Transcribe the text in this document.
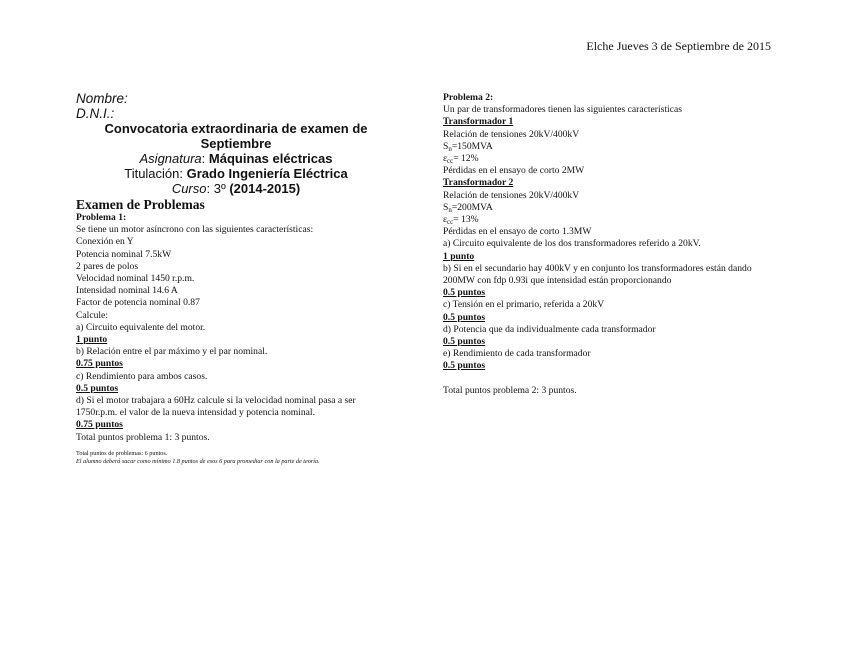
Elche Jueves 3 de Septiembre de 2015
Nombre:
D.N.I.:
Convocatoria extraordinaria de examen de
Septiembre
Asignatura: Máquinas eléctricas
Titulación: Grado Ingeniería Eléctrica
Curso: 3º (2014-2015)
Examen de Problemas
Problema 1:
Se tiene un motor asíncrono con las siguientes características:
Conexión en Y
Potencia nominal 7.5kW
2 pares de polos
Velocidad nominal 1450 r.p.m.
Intensidad nominal 14.6 A
Factor de potencia nominal 0.87
Calcule:
a) Circuito equivalente del motor.
1 punto
b) Relación entre el par máximo y el par nominal.
0.75 puntos
c) Rendimiento para ambos casos.
0.5 puntos
d) Si el motor trabajara a 60Hz calcule si la velocidad nominal pasa a ser 1750r.p.m. el valor de la nueva intensidad y potencia nominal.
0.75 puntos
Total puntos problema 1: 3 puntos.
Total puntos de problemas: 6 puntos.
El alumno deberá sacar como mínimo 1.8 puntos de esos 6 para promediar con la parte de teoría.
Problema 2:
Un par de transformadores tienen las siguientes características
Transformador 1
Relación de tensiones 20kV/400kV
$S_n=150MVA$
$\varepsilon_{cc}= 12\%$
Pérdidas en el ensayo de corto 2MW
Transformador 2
Relación de tensiones 20kV/400kV
$S_n=200MVA$
$\varepsilon_{cc}= 13\%$
Pérdidas en el ensayo de corto 1.3MW
a) Circuito equivalente de los dos transformadores referido a 20kV.
1 punto
b) Si en el secundario hay 400kV y en conjunto los transformadores están dando 200MW con fdp 0.93i que intensidad están proporcionando
0.5 puntos
c) Tensión en el primario, referida a 20kV
0.5 puntos
d) Potencia que da individualmente cada transformador
0.5 puntos
e) Rendimiento de cada transformador
0.5 puntos
Total puntos problema 2: 3 puntos.
